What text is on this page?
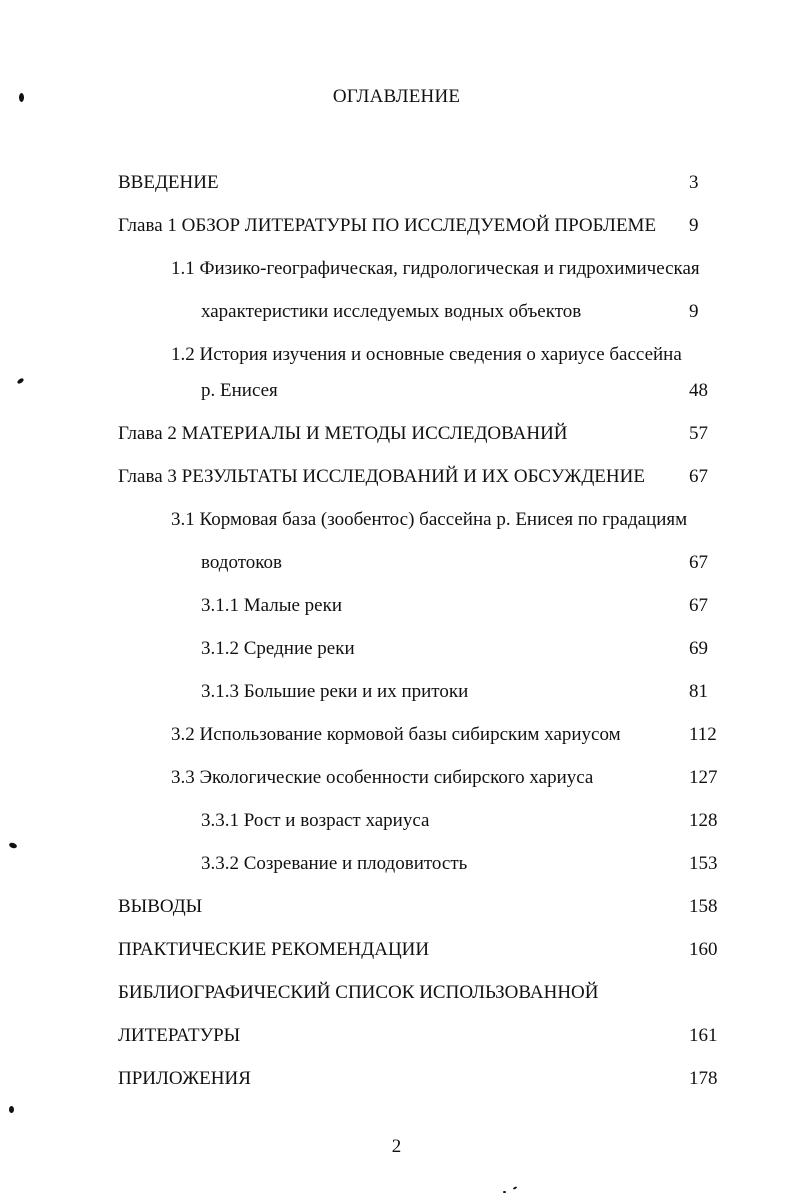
ОГЛАВЛЕНИЕ
ВВЕДЕНИЕ	3
Глава 1 ОБЗОР ЛИТЕРАТУРЫ ПО ИССЛЕДУЕМОЙ ПРОБЛЕМЕ 9
1.1 Физико-географическая, гидрологическая и гидрохимическая
характеристики исследуемых водных объектов	9
1.2 История изучения и основные сведения о хариусе бассейна
р. Енисея	48
Глава 2 МАТЕРИАЛЫ И МЕТОДЫ ИССЛЕДОВАНИЙ	57
Глава 3 РЕЗУЛЬТАТЫ ИССЛЕДОВАНИЙ И ИХ ОБСУЖДЕНИЕ 67
3.1 Кормовая база (зообентос) бассейна р. Енисея по градациям
водотоков	67
3.1.1 Малые реки	67
3.1.2 Средние реки	69
3.1.3 Большие реки и их притоки	81
3.2 Использование кормовой базы сибирским хариусом	112
3.3 Экологические особенности сибирского хариуса	127
3.3.1 Рост и возраст хариуса	128
3.3.2 Созревание и плодовитость	153
ВЫВОДЫ	158
ПРАКТИЧЕСКИЕ РЕКОМЕНДАЦИИ	160
БИБЛИОГРАФИЧЕСКИЙ СПИСОК ИСПОЛЬЗОВАННОЙ
ЛИТЕРАТУРЫ	161
ПРИЛОЖЕНИЯ	178
2
